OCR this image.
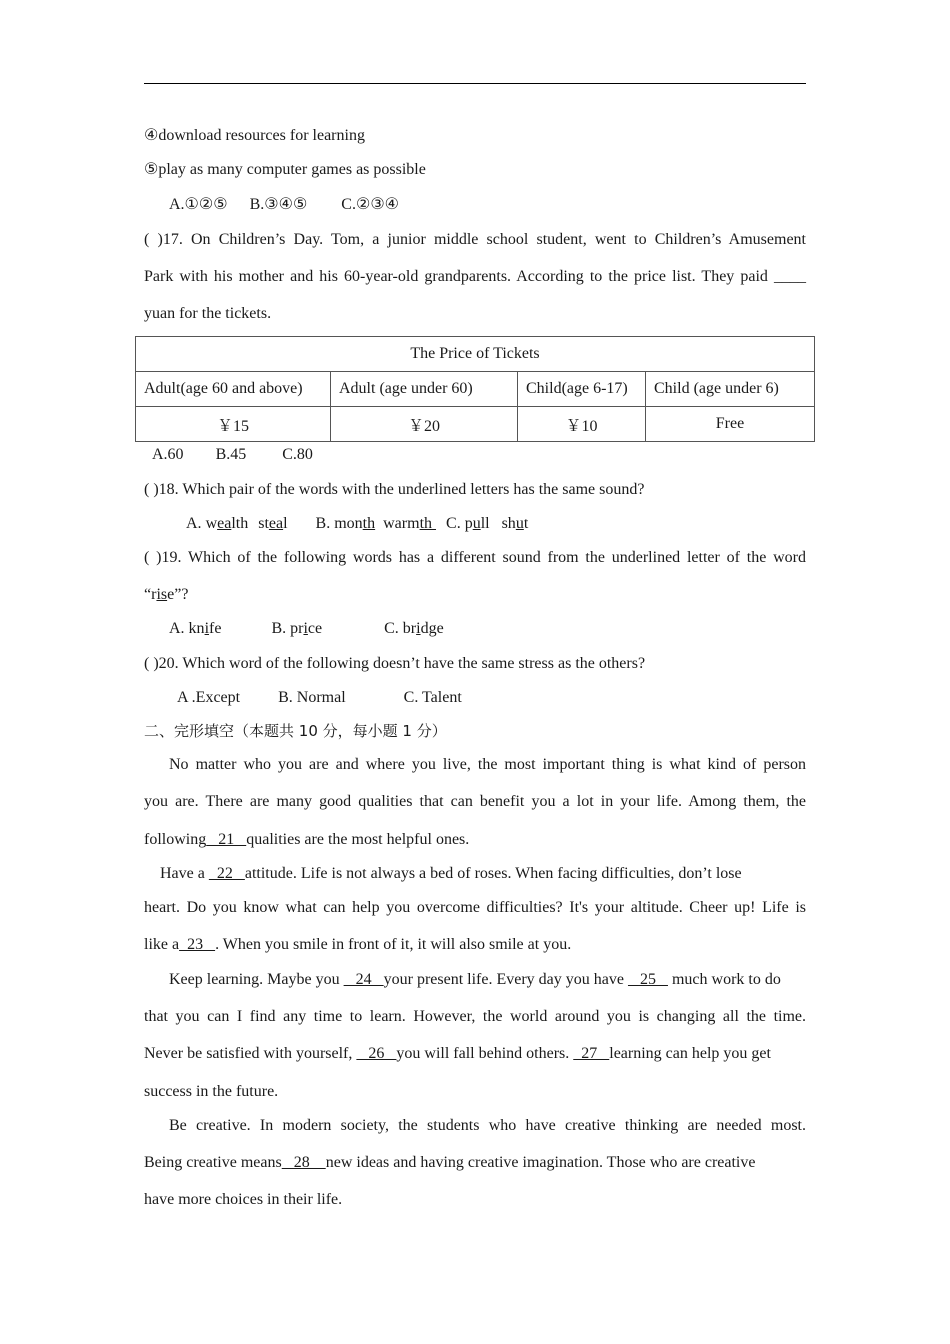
④download resources for learning
⑤play as many computer games as possible
A.①②⑤ B.③④⑤ C.②③④
( )17. On Children’s Day. Tom, a junior middle school student, went to Children’s Amusement
Park with his mother and his 60-year-old grandparents. According to the price list. They paid ____
yuan for the tickets.
The Price of Tickets			
Adult(age 60 and above)	Adult (age under 60)	Child(age 6-17)	Child (age under 6)
￥15	￥20	￥10	Free
A.60 B.45 C.80
( )18. Which pair of the words with the underlined letters has the same sound?
A. wealth steal B. month warmth C. pull shut
( )19. Which of the following words has a different sound from the underlined letter of the word
“rise”?
A. knife	B. price	C. bridge
( )20. Which word of the following doesn’t have the same stress as the others?
A .Except B. Normal	C. Talent
二、完形填空（本题共 10 分，每小题 1 分）
No matter who you are and where you live, the most important thing is what kind of person
you are. There are many good qualities that can benefit you a lot in your life. Among them, the
following   21   qualities are the most helpful ones.
Have a   22   attitude. Life is not always a bed of roses. When facing difficulties, don’t lose
heart. Do you know what can help you overcome difficulties? It's your altitude. Cheer up! Life is
like a  23   . When you smile in front of it, it will also smile at you.
Keep learning. Maybe you    24   your present life. Every day you have    25    much work to do
that you can I find any time to learn. However, the world around you is changing all the time.
Never be satisfied with yourself,    26   you will fall behind others.   27   learning can help you get
success in the future.
Be creative. In modern society, the students who have creative thinking are needed most.
Being creative means   28    new ideas and having creative imagination. Those who are creative
have more choices in their life.
